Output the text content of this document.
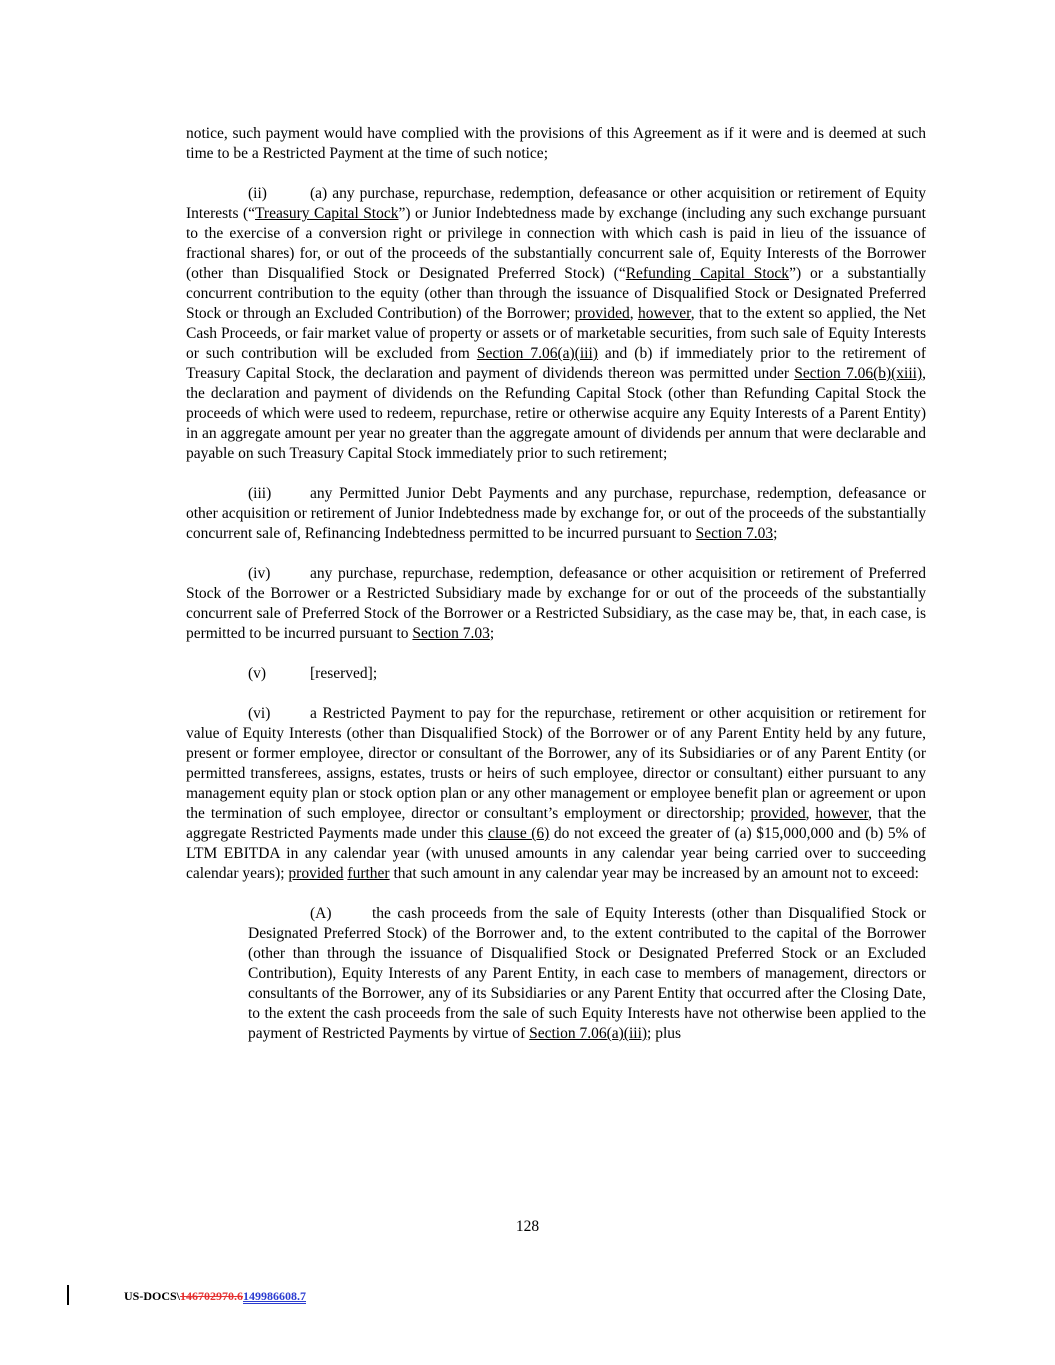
notice, such payment would have complied with the provisions of this Agreement as if it were and is deemed at such time to be a Restricted Payment at the time of such notice;

(ii)	(a) any purchase, repurchase, redemption, defeasance or other acquisition or retirement of Equity Interests (“Treasury Capital Stock”) or Junior Indebtedness made by exchange (including any such exchange pursuant to the exercise of a conversion right or privilege in connection with which cash is paid in lieu of the issuance of fractional shares) for, or out of the proceeds of the substantially concurrent sale of, Equity Interests of the Borrower (other than Disqualified Stock or Designated Preferred Stock) (“Refunding Capital Stock”) or a substantially concurrent contribution to the equity (other than through the issuance of Disqualified Stock or Designated Preferred Stock or through an Excluded Contribution) of the Borrower; provided, however, that to the extent so applied, the Net Cash Proceeds, or fair market value of property or assets or of marketable securities, from such sale of Equity Interests or such contribution will be excluded from Section 7.06(a)(iii) and (b) if immediately prior to the retirement of Treasury Capital Stock, the declaration and payment of dividends thereon was permitted under Section 7.06(b)(xiii), the declaration and payment of dividends on the Refunding Capital Stock (other than Refunding Capital Stock the proceeds of which were used to redeem, repurchase, retire or otherwise acquire any Equity Interests of a Parent Entity) in an aggregate amount per year no greater than the aggregate amount of dividends per annum that were declarable and payable on such Treasury Capital Stock immediately prior to such retirement;

(iii)	any Permitted Junior Debt Payments and any purchase, repurchase, redemption, defeasance or other acquisition or retirement of Junior Indebtedness made by exchange for, or out of the proceeds of the substantially concurrent sale of, Refinancing Indebtedness permitted to be incurred pursuant to Section 7.03;

(iv)	any purchase, repurchase, redemption, defeasance or other acquisition or retirement of Preferred Stock of the Borrower or a Restricted Subsidiary made by exchange for or out of the proceeds of the substantially concurrent sale of Preferred Stock of the Borrower or a Restricted Subsidiary, as the case may be, that, in each case, is permitted to be incurred pursuant to Section 7.03;

(v)	[reserved];

(vi)	a Restricted Payment to pay for the repurchase, retirement or other acquisition or retirement for value of Equity Interests (other than Disqualified Stock) of the Borrower or of any Parent Entity held by any future, present or former employee, director or consultant of the Borrower, any of its Subsidiaries or of any Parent Entity (or permitted transferees, assigns, estates, trusts or heirs of such employee, director or consultant) either pursuant to any management equity plan or stock option plan or any other management or employee benefit plan or agreement or upon the termination of such employee, director or consultant’s employment or directorship; provided, however, that the aggregate Restricted Payments made under this clause (6) do not exceed the greater of (a) $15,000,000 and (b) 5% of LTM EBITDA in any calendar year (with unused amounts in any calendar year being carried over to succeeding calendar years); provided further that such amount in any calendar year may be increased by an amount not to exceed:

(A)	the cash proceeds from the sale of Equity Interests (other than Disqualified Stock or Designated Preferred Stock) of the Borrower and, to the extent contributed to the capital of the Borrower (other than through the issuance of Disqualified Stock or Designated Preferred Stock or an Excluded Contribution), Equity Interests of any Parent Entity, in each case to members of management, directors or consultants of the Borrower, any of its Subsidiaries or any Parent Entity that occurred after the Closing Date, to the extent the cash proceeds from the sale of such Equity Interests have not otherwise been applied to the payment of Restricted Payments by virtue of Section 7.06(a)(iii); plus

128
US-DOCS\146702970.6149986608.7
